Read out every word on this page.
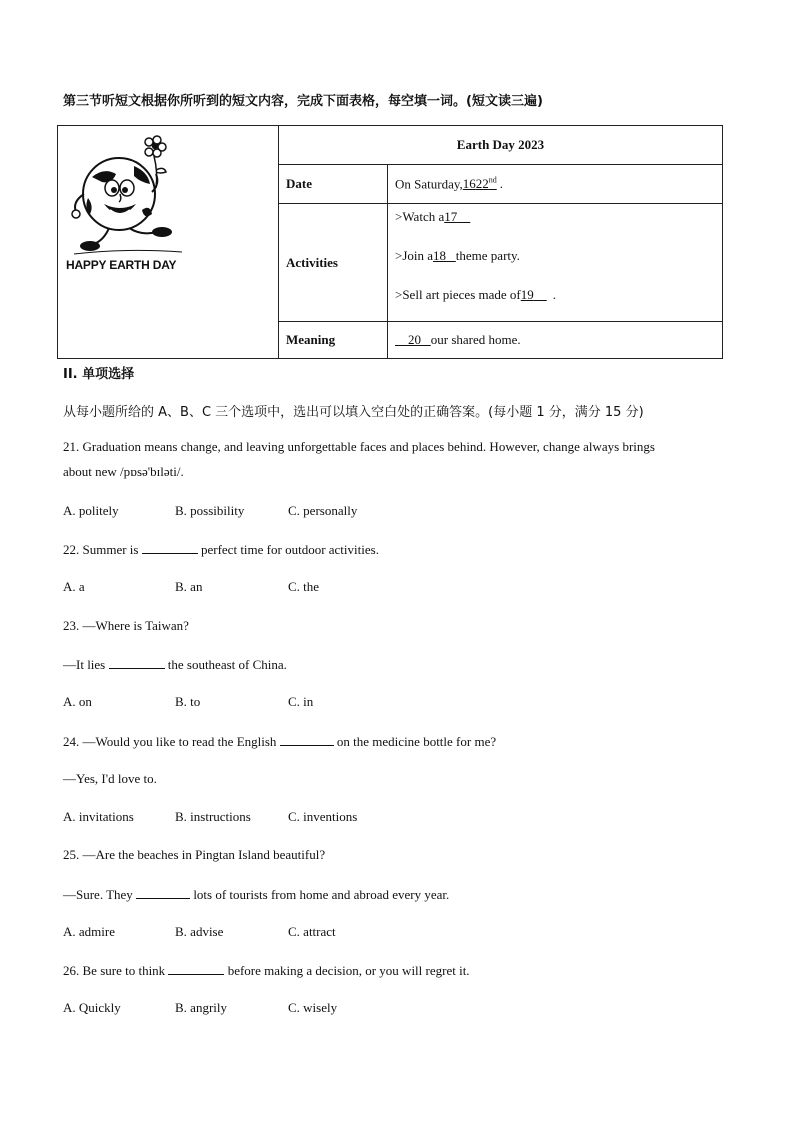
第三节听短文根据你所听到的短文内容，完成下面表格，每空填一词。(短文读三遍)
HAPPY EARTH DAY	Earth Day 2023	
	Date	On Saturday,1622nd .
	Activities	>Watch a17
>Join a18 theme party.
>Sell art pieces made of19 .

	Meaning	20 our shared home.
II. 单项选择
从每小题所给的 A、B、C 三个选项中，选出可以填入空白处的正确答案。(每小题 1 分，满分 15 分)
21. Graduation means change, and leaving unforgettable faces and places behind. However, change always brings
about new /pɒsə'bɪləti/.
A. politely	B. possibility	C. personally
22. Summer is	perfect time for outdoor activities.
A. a	B. an	C. the
23. —Where is Taiwan?
—It lies	the southeast of China.
A. on	B. to	C. in
24. —Would you like to read the English	on the medicine bottle for me?
—Yes, I'd love to.
A. invitations	B. instructions	C. inventions
25. —Are the beaches in Pingtan Island beautiful?
—Sure. They	lots of tourists from home and abroad every year.
A. admire	B. advise	C. attract
26. Be sure to think	before making a decision, or you will regret it.
A. Quickly	B. angrily	C. wisely
